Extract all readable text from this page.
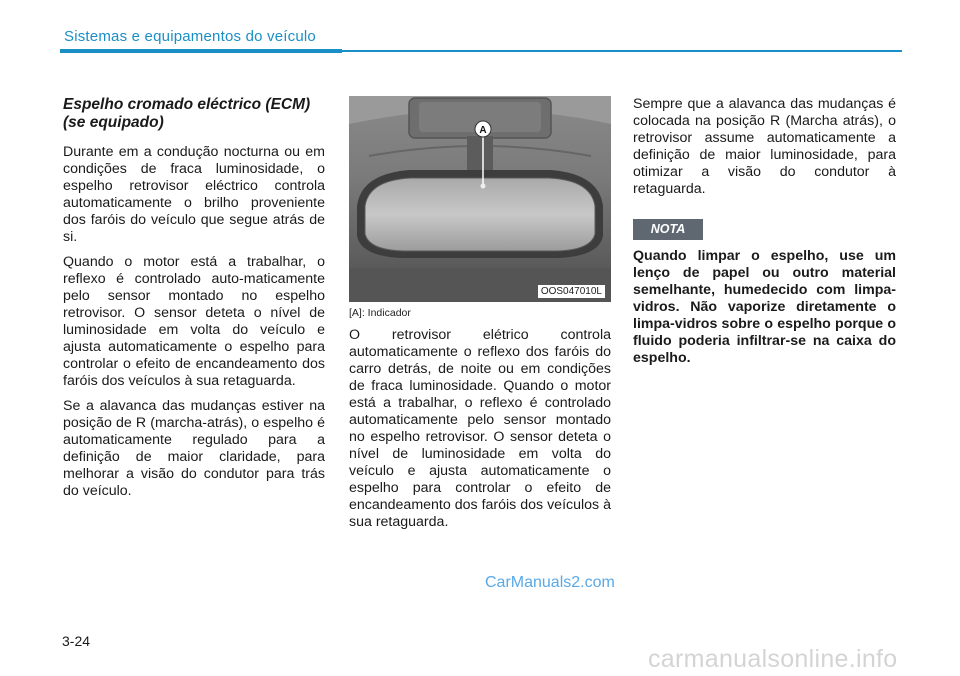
Sistemas e equipamentos do veículo
Espelho cromado eléctrico (ECM) (se equipado)

Durante em a condução nocturna ou em condições de fraca luminosidade, o espelho retrovisor eléctrico controla automaticamente o brilho proveniente dos faróis do veículo que segue atrás de si.

Quando o motor está a trabalhar, o reflexo é controlado auto-maticamente pelo sensor montado no espelho retrovisor. O sensor deteta o nível de luminosidade em volta do veículo e ajusta automaticamente o espelho para controlar o efeito de encandeamento dos faróis dos veículos à sua retaguarda.

Se a alavanca das mudanças estiver na posição de R (marcha-atrás), o espelho é automaticamente regulado para a definição de maior claridade, para melhorar a visão do condutor para trás do veículo.

A
OOS047010L
[A]: Indicador

O retrovisor elétrico controla automaticamente o reflexo dos faróis do carro detrás, de noite ou em condições de fraca luminosidade. Quando o motor está a trabalhar, o reflexo é controlado automaticamente pelo sensor montado no espelho retrovisor. O sensor deteta o nível de luminosidade em volta do veículo e ajusta automaticamente o espelho para controlar o efeito de encandeamento dos faróis dos veículos à sua retaguarda.

Sempre que a alavanca das mudanças é colocada na posição R (Marcha atrás), o retrovisor assume automaticamente a definição de maior luminosidade, para otimizar a visão do condutor à retaguarda.

NOTA

Quando limpar o espelho, use um lenço de papel ou outro material semelhante, humedecido com limpa-vidros. Não vaporize diretamente o limpa-vidros sobre o espelho porque o fluido poderia infiltrar-se na caixa do espelho.

CarManuals2.com
3-24
carmanualsonline.info
